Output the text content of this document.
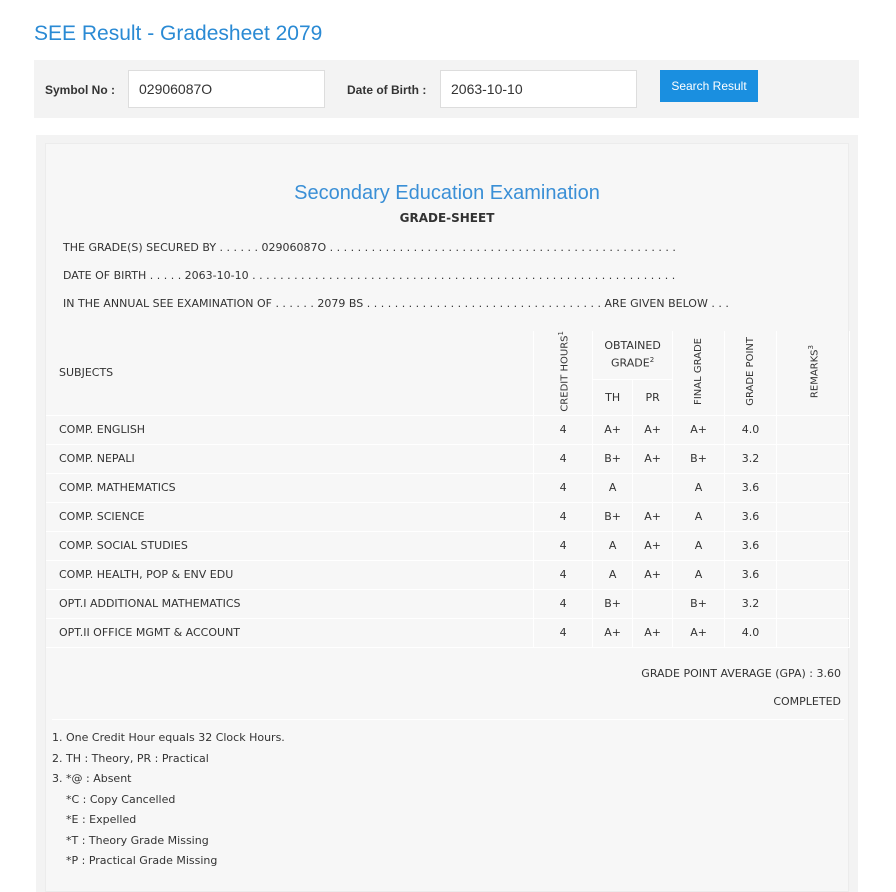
SEE Result - Gradesheet 2079
Symbol No :
02906087O	Date of Birth :
2063-10-10	Search Result
Secondary Education Examination
GRADE-SHEET
THE GRADE(S) SECURED BY . . . . . . 02906087O . . . . . . . . . . . . . . . . . . . . . . . . . . . . . . . . . . . . . . . . . . . . . . . . . .
DATE OF BIRTH . . . . . 2063-10-10 . . . . . . . . . . . . . . . . . . . . . . . . . . . . . . . . . . . . . . . . . . . . . . . . . . . . . . . . . . . . .
IN THE ANNUAL SEE EXAMINATION OF . . . . . . 2079 BS . . . . . . . . . . . . . . . . . . . . . . . . . . . . . . . . . . ARE GIVEN BELOW . . .
SUBJECTS	CREDIT HOURS$^1$	OBTAINED GRADE$^2$		FINAL GRADE	GRADE POINT	REMARKS$^3$
		TH	PR			
COMP. ENGLISH	4	A+	A+	A+	4.0	
COMP. NEPALI	4	B+	A+	B+	3.2	
COMP. MATHEMATICS	4	A		A	3.6	
COMP. SCIENCE	4	B+	A+	A	3.6	
COMP. SOCIAL STUDIES	4	A	A+	A	3.6	
COMP. HEALTH, POP & ENV EDU	4	A	A+	A	3.6	
OPT.I ADDITIONAL MATHEMATICS	4	B+		B+	3.2	
OPT.II OFFICE MGMT & ACCOUNT	4	A+	A+	A+	4.0	
GRADE POINT AVERAGE (GPA) : 3.60
COMPLETED
1. One Credit Hour equals 32 Clock Hours.
2. TH : Theory, PR : Practical
3. *@ : Absent
*C : Copy Cancelled
*E : Expelled
*T : Theory Grade Missing
*P : Practical Grade Missing
